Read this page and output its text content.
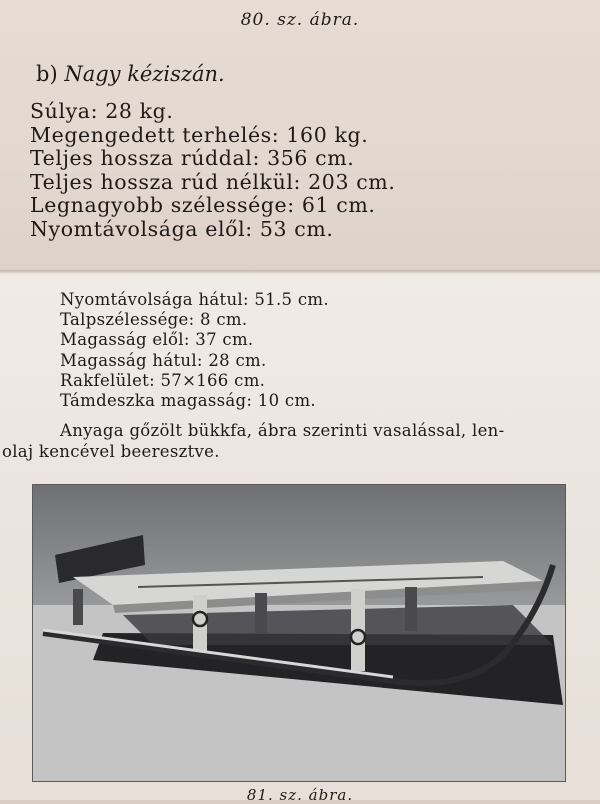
80. sz. ábra.
b) Nagy kéziszán.
Súlya: 28 kg.
Megengedett terhelés: 160 kg.
Teljes hossza rúddal: 356 cm.
Teljes hossza rúd nélkül: 203 cm.
Legnagyobb szélessége: 61 cm.
Nyomtávolsága elől: 53 cm.
Nyomtávolsága hátul: 51.5 cm.
Talpszélessége: 8 cm.
Magasság elől: 37 cm.
Magasság hátul: 28 cm.
Rakfelület: 57×166 cm.
Támdeszka magasság: 10 cm.
Anyaga gőzölt bükkfa, ábra szerinti vasalással, len-
olaj kencével beeresztve.
81. sz. ábra.
